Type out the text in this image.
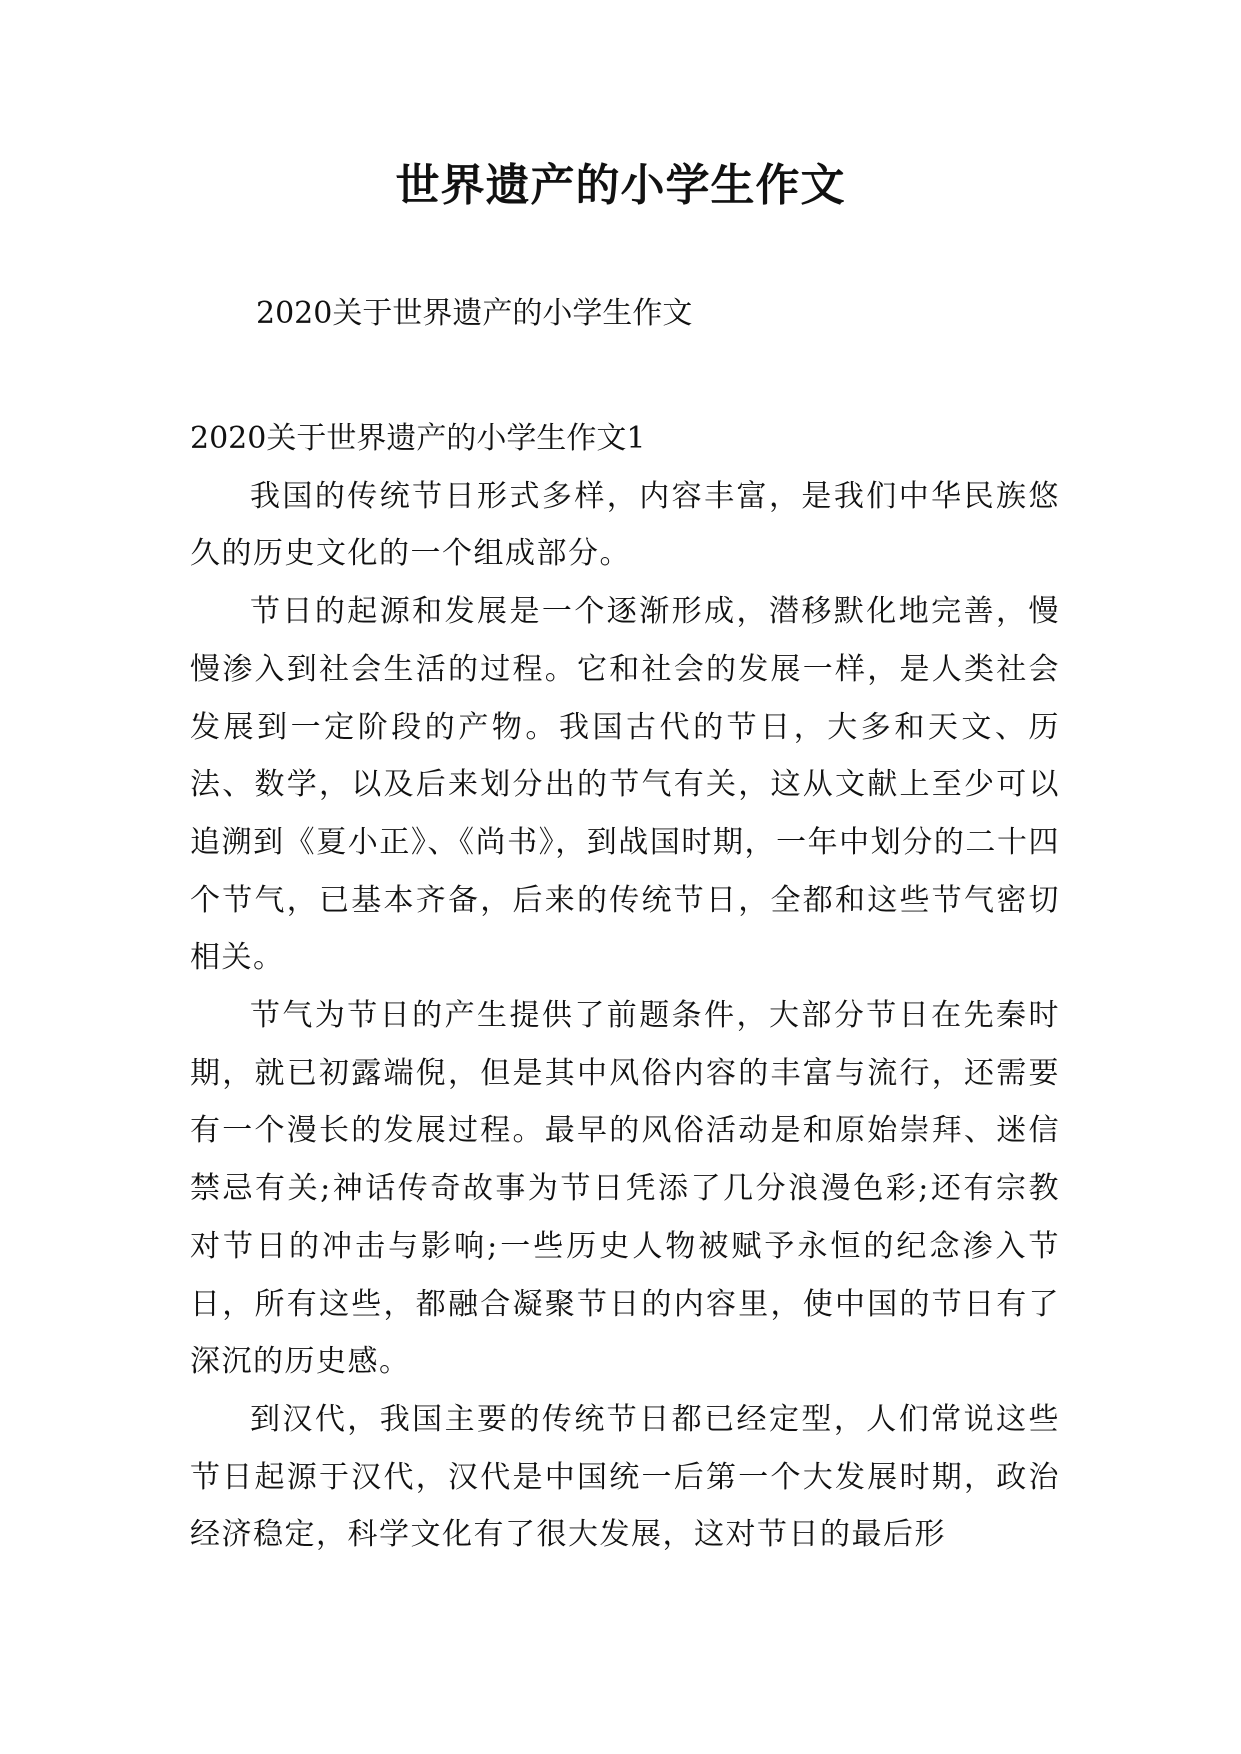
世界遗产的小学生作文
2020关于世界遗产的小学生作文

2020关于世界遗产的小学生作文1

我国的传统节日形式多样，内容丰富，是我们中华民族悠久的历史文化的一个组成部分。

节日的起源和发展是一个逐渐形成，潜移默化地完善，慢慢渗入到社会生活的过程。它和社会的发展一样，是人类社会发展到一定阶段的产物。我国古代的节日，大多和天文、历法、数学，以及后来划分出的节气有关，这从文献上至少可以追溯到《夏小正》、《尚书》，到战国时期，一年中划分的二十四个节气，已基本齐备，后来的传统节日，全都和这些节气密切相关。

节气为节日的产生提供了前题条件，大部分节日在先秦时期，就已初露端倪，但是其中风俗内容的丰富与流行，还需要有一个漫长的发展过程。最早的风俗活动是和原始崇拜、迷信禁忌有关;神话传奇故事为节日凭添了几分浪漫色彩;还有宗教对节日的冲击与影响;一些历史人物被赋予永恒的纪念渗入节日，所有这些，都融合凝聚节日的内容里，使中国的节日有了深沉的历史感。

到汉代，我国主要的传统节日都已经定型，人们常说这些节日起源于汉代，汉代是中国统一后第一个大发展时期，政治经济稳定，科学文化有了很大发展，这对节日的最后形
